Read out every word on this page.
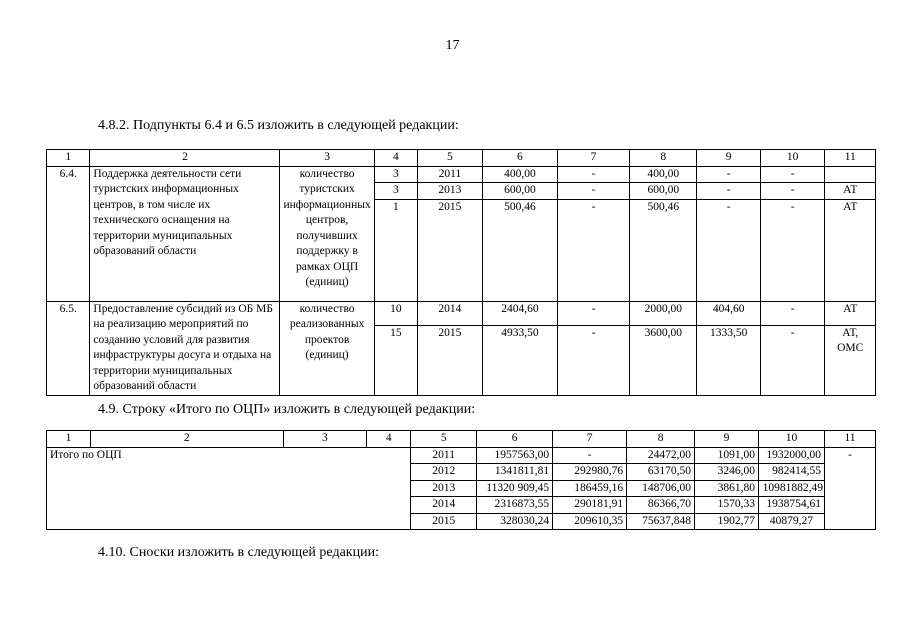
17
4.8.2. Подпункты 6.4 и 6.5 изложить в следующей редакции:
1	2	3	4	5	6	7	8	9	10	11
6.4.	Поддержка деятельности сети туристских информационных центров, в том числе их технического оснащения на территории муниципальных образований области	количество туристских информационных центров, получивших поддержку в рамках ОЦП (единиц)	3	2011	400,00	-	400,00	-	-	
			3	2013	600,00	-	600,00	-	-	АТ
			1	2015	500,46	-	500,46	-	-	АТ
6.5.	Предоставление субсидий из ОБ МБ на реализацию мероприятий по созданию условий для развития инфраструктуры досуга и отдыха на территории муниципальных образований области	количество реализованных проектов (единиц)	10	2014	2404,60	-	2000,00	404,60	-	АТ
			15	2015	4933,50	-	3600,00	1333,50	-	АТ, ОМС
4.9. Строку «Итого по ОЦП» изложить в следующей редакции:
1	2	3	4	5	6	7	8	9	10	11
Итого по ОЦП				2011	1957563,00	-	24472,00	1091,00	1932000,00	-
				2012	1341811,81	292980,76	63170,50	3246,00	982414,55	
				2013	11320 909,45	186459,16	148706,00	3861,80	10981882,49	
				2014	2316873,55	290181,91	86366,70	1570,33	1938754,61	
				2015	328030,24	209610,35	75637,848	1902,77	40879,27	
4.10. Сноски изложить в следующей редакции:
